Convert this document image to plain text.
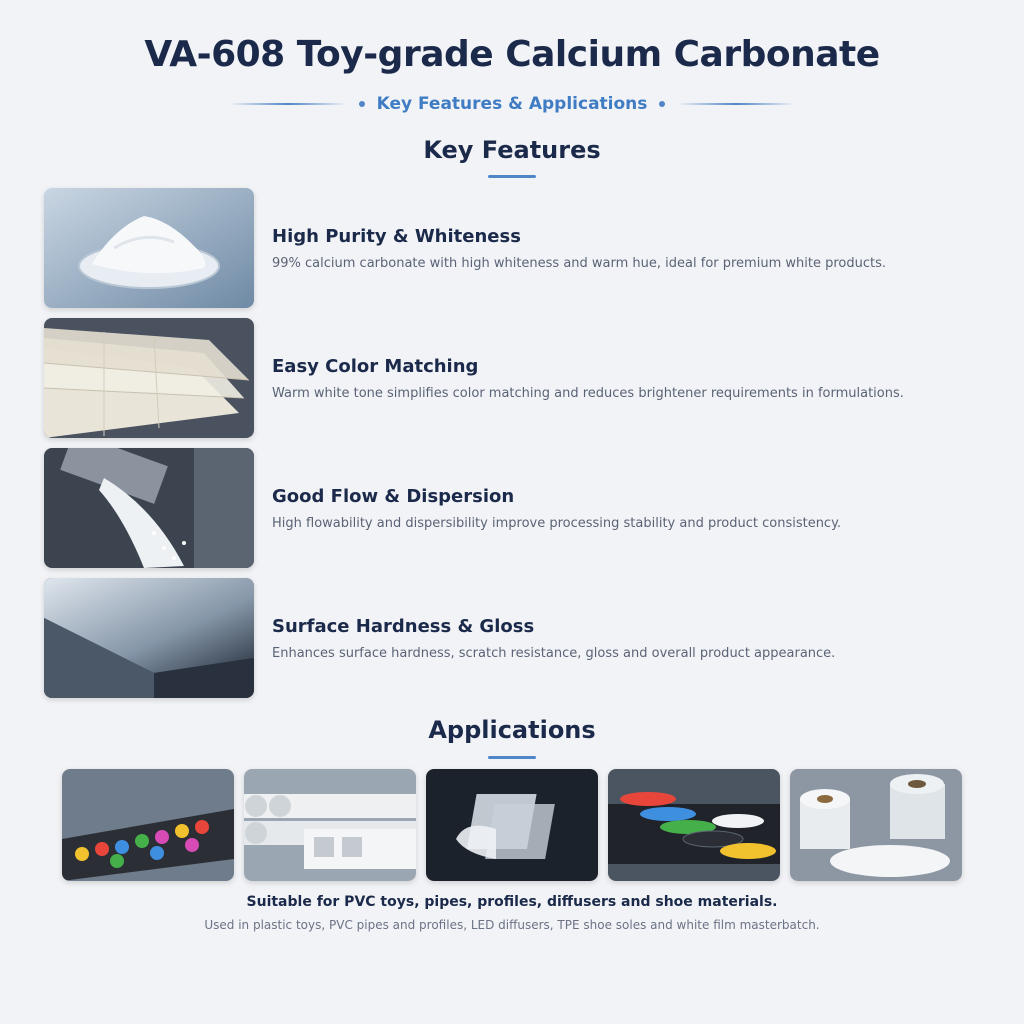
VA-608 Toy-grade Calcium Carbonate
Key Features & Applications
Key Features
High Purity & Whiteness
99% calcium carbonate with high whiteness and warm hue, ideal for premium white products.
Easy Color Matching
Warm white tone simplifies color matching and reduces brightener requirements in formulations.
Good Flow & Dispersion
High flowability and dispersibility improve processing stability and product consistency.
Surface Hardness & Gloss
Enhances surface hardness, scratch resistance, gloss and overall product appearance.
Applications
Suitable for PVC toys, pipes, profiles, diffusers and shoe materials.
Used in plastic toys, PVC pipes and profiles, LED diffusers, TPE shoe soles and white film masterbatch.
